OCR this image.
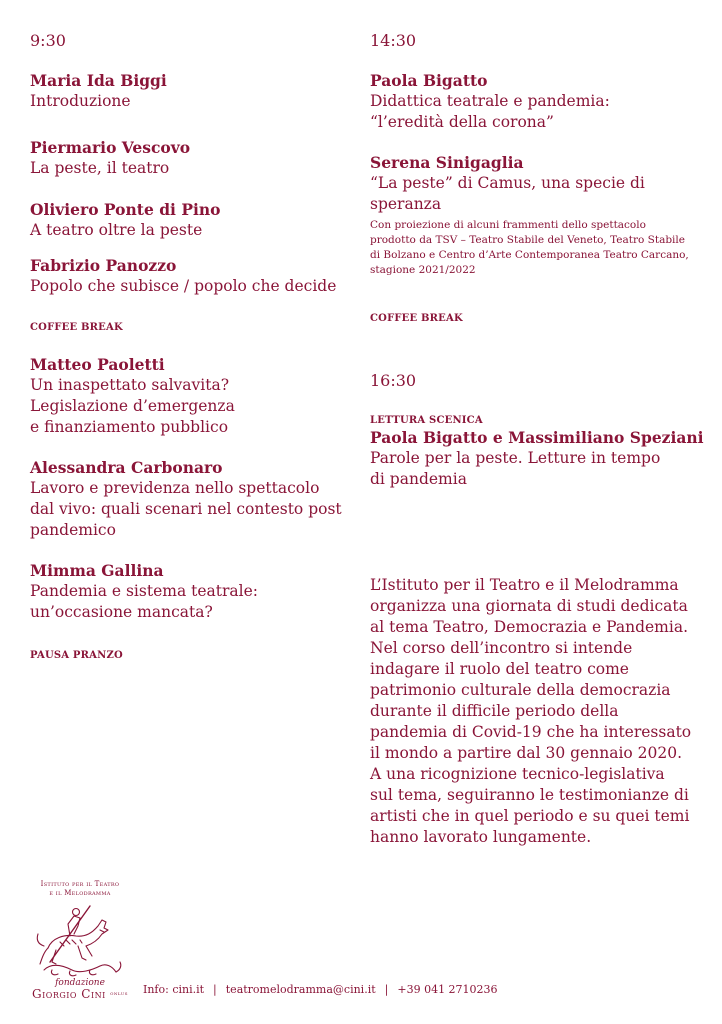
9:30
Maria Ida Biggi
Introduzione
Piermario Vescovo
La peste, il teatro
Oliviero Ponte di Pino
A teatro oltre la peste
Fabrizio Panozzo
Popolo che subisce / popolo che decide
COFFEE BREAK
Matteo Paoletti
Un inaspettato salvavita?
Legislazione d’emergenza
e finanziamento pubblico
Alessandra Carbonaro
Lavoro e previdenza nello spettacolo
dal vivo: quali scenari nel contesto post
pandemico
Mimma Gallina
Pandemia e sistema teatrale:
un’occasione mancata?
PAUSA PRANZO
14:30
Paola Bigatto
Didattica teatrale e pandemia:
“l’eredità della corona”
Serena Sinigaglia
“La peste” di Camus, una specie di
speranza
Con proiezione di alcuni frammenti dello spettacolo
prodotto da TSV – Teatro Stabile del Veneto, Teatro Stabile
di Bolzano e Centro d’Arte Contemporanea Teatro Carcano,
stagione 2021/2022
COFFEE BREAK
16:30
LETTURA SCENICA
Paola Bigatto e Massimiliano Speziani
Parole per la peste. Letture in tempo
di pandemia
L’Istituto per il Teatro e il Melodramma
organizza una giornata di studi dedicata
al tema Teatro, Democrazia e Pandemia.
Nel corso dell’incontro si intende
indagare il ruolo del teatro come
patrimonio culturale della democrazia
durante il difficile periodo della
pandemia di Covid-19 che ha interessato
il mondo a partire dal 30 gennaio 2020.
A una ricognizione tecnico-legislativa
sul tema, seguiranno le testimonianze di
artisti che in quel periodo e su quei temi
hanno lavorato lungamente.
Istituto per il Teatro
e il Melodramma
fondazione
Giorgio Cini $^{onlus}$ Info: cini.it | teatromelodramma@cini.it | +39 041 2710236
